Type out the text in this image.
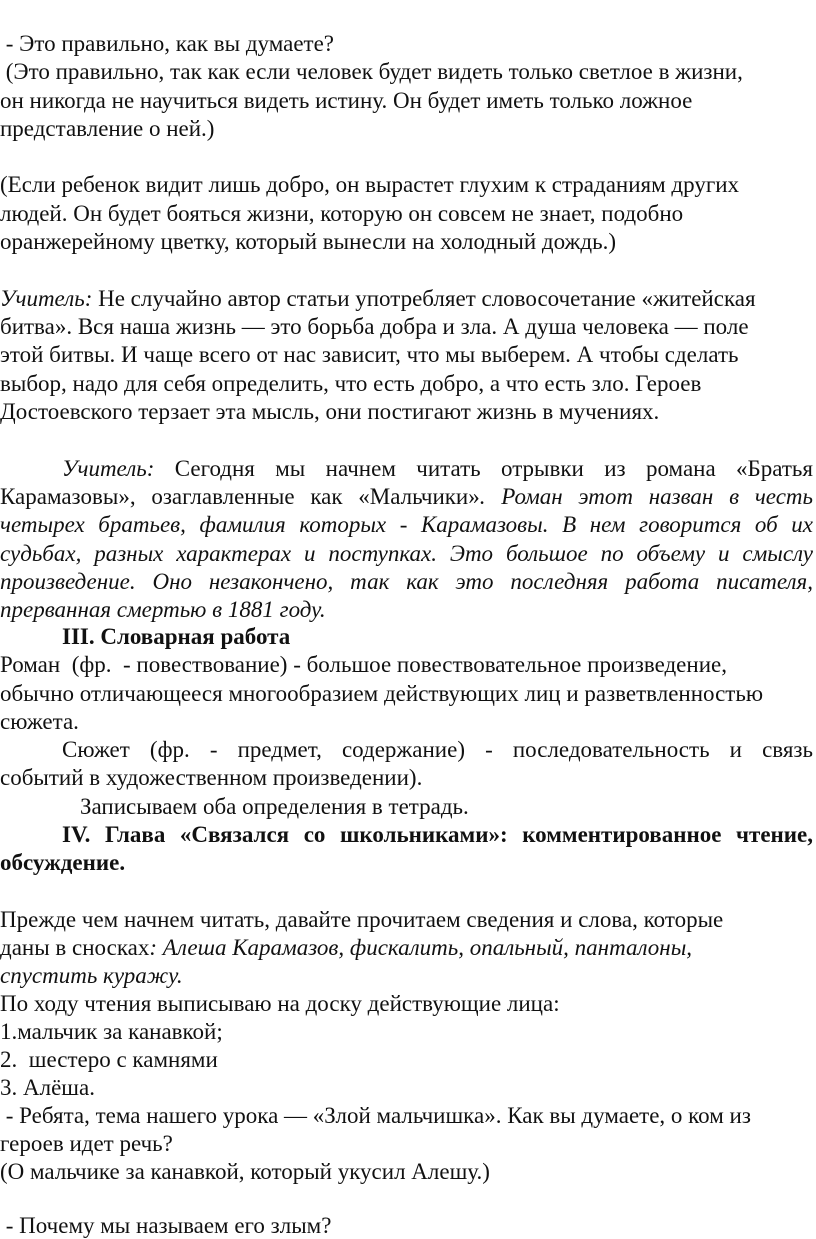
- Это правильно, как вы думаете?
(Это правильно, так как если человек будет видеть только светлое в жизни,
он никогда не научиться видеть истину. Он будет иметь только ложное
представление о ней.)
(Если ребенок видит лишь добро, он вырастет глухим к страданиям других
людей. Он будет бояться жизни, которую он совсем не знает, подобно
оранжерейному цветку, который вынесли на холодный дождь.)
Учитель: Не случайно автор статьи употребляет словосочетание «житейская
битва». Вся наша жизнь — это борьба добра и зла. А душа человека — поле
этой битвы. И чаще всего от нас зависит, что мы выберем. А чтобы сделать
выбор, надо для себя определить, что есть добро, а что есть зло. Героев
Достоевского терзает эта мысль, они постигают жизнь в мучениях.
Учитель: Сегодня мы начнем читать отрывки из романа «Братья
Карамазовы», озаглавленные как «Мальчики». Роман этот назван в честь
четырех братьев, фамилия которых - Карамазовы. В нем говорится об их
судьбах, разных характерах и поступках. Это большое по объему и смыслу
произведение. Оно незакончено, так как это последняя работа писателя,
прерванная смертью в 1881 году.
III. Словарная работа
Роман  (фр.  - повествование) - большое повествовательное произведение,
обычно отличающееся многообразием действующих лиц и разветвленностью
сюжета.
Сюжет (фр. - предмет, содержание) - последовательность и связь
событий в художественном произведении).
Записываем оба определения в тетрадь.
IV. Глава «Связался со школьниками»: комментированное чтение,
обсуждение.
Прежде чем начнем читать, давайте прочитаем сведения и слова, которые
даны в сносках: Алеша Карамазов, фискалить, опальный, панталоны,
спустить куражу.
По ходу чтения выписываю на доску действующие лица:
1.мальчик за канавкой;
2.  шестеро с камнями
3. Алёша.
- Ребята, тема нашего урока — «Злой мальчишка». Как вы думаете, о ком из
героев идет речь?
(О мальчике за канавкой, который укусил Алешу.)
- Почему мы называем его злым?
